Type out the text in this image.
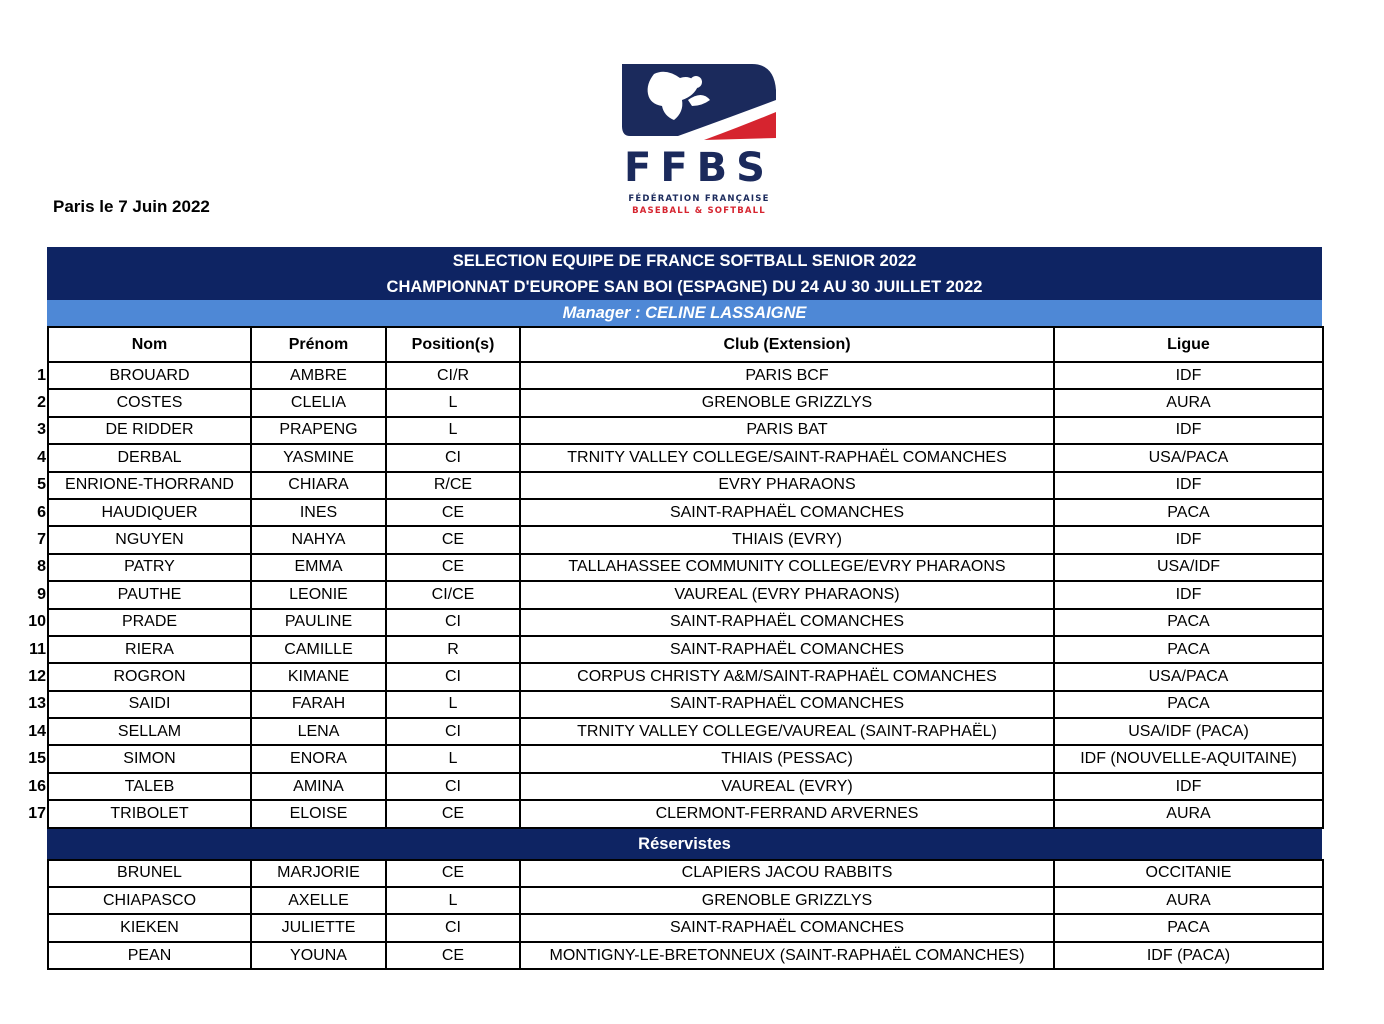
FFBS
FÉDÉRATION FRANÇAISE
BASEBALL & SOFTBALL
Paris le 7 Juin 2022
SELECTION EQUIPE DE FRANCE SOFTBALL SENIOR 2022
CHAMPIONNAT D'EUROPE SAN BOI (ESPAGNE) DU 24 AU 30 JUILLET 2022
Manager : CELINE LASSAIGNE
Nom	Prénom	Position(s)	Club (Extension)	Ligue

1 BROUARD	AMBRE	CI/R	PARIS BCF	IDF

2 COSTES	CLELIA	L	GRENOBLE GRIZZLYS	AURA

3 DE RIDDER	PRAPENG	L	PARIS BAT	IDF

4 DERBAL	YASMINE	CI	TRNITY VALLEY COLLEGE/SAINT-RAPHAËL COMANCHES	USA/PACA

5 ENRIONE-THORRAND	CHIARA	R/CE	EVRY PHARAONS	IDF

6 HAUDIQUER	INES	CE	SAINT-RAPHAËL COMANCHES	PACA

7 NGUYEN	NAHYA	CE	THIAIS (EVRY)	IDF

8 PATRY	EMMA	CE	TALLAHASSEE COMMUNITY COLLEGE/EVRY PHARAONS	USA/IDF

9 PAUTHE	LEONIE	CI/CE	VAUREAL (EVRY PHARAONS)	IDF

10 PRADE	PAULINE	CI	SAINT-RAPHAËL COMANCHES	PACA

11 RIERA	CAMILLE	R	SAINT-RAPHAËL COMANCHES	PACA

12 ROGRON	KIMANE	CI	CORPUS CHRISTY A&M/SAINT-RAPHAËL COMANCHES	USA/PACA

13 SAIDI	FARAH	L	SAINT-RAPHAËL COMANCHES	PACA

14 SELLAM	LENA	CI	TRNITY VALLEY COLLEGE/VAUREAL (SAINT-RAPHAËL)	USA/IDF (PACA)

15 SIMON	ENORA	L	THIAIS (PESSAC)	IDF (NOUVELLE-AQUITAINE)

16 TALEB	AMINA	CI	VAUREAL (EVRY)	IDF

17 TRIBOLET	ELOISE	CE	CLERMONT-FERRAND ARVERNES	AURA
Réservistes
BRUNEL	MARJORIE	CE	CLAPIERS JACOU RABBITS	OCCITANIE
CHIAPASCO	AXELLE	L	GRENOBLE GRIZZLYS	AURA
KIEKEN	JULIETTE	CI	SAINT-RAPHAËL COMANCHES	PACA
PEAN	YOUNA	CE	MONTIGNY-LE-BRETONNEUX (SAINT-RAPHAËL COMANCHES)	IDF (PACA)
